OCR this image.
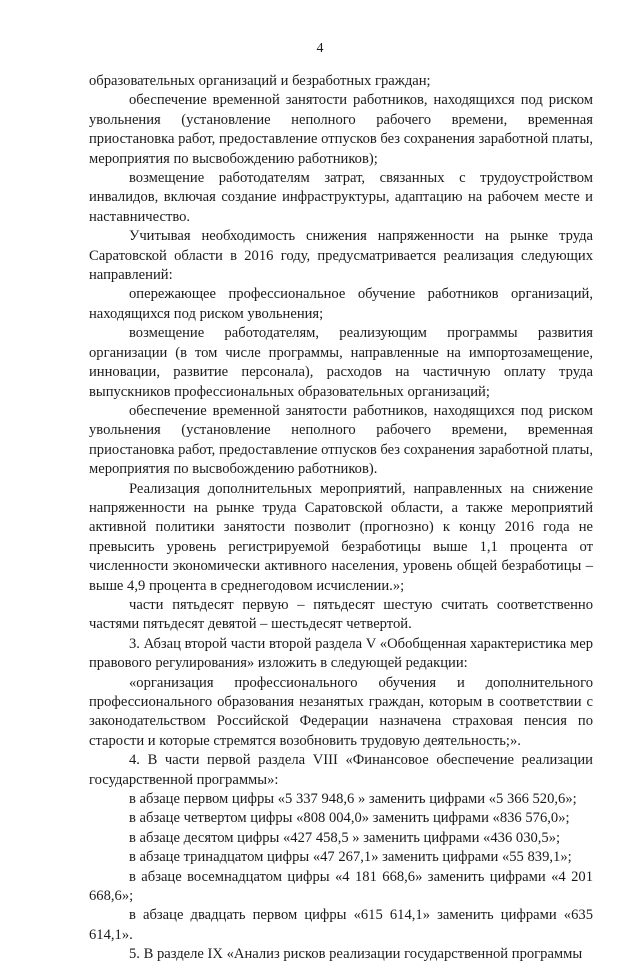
4

образовательных организаций и безработных граждан;

обеспечение временной занятости работников, находящихся под риском увольнения (установление неполного рабочего времени, временная приостановка работ, предоставление отпусков без сохранения заработной платы, мероприятия по высвобождению работников);

возмещение работодателям затрат, связанных с трудоустройством инвалидов, включая создание инфраструктуры, адаптацию на рабочем месте и наставничество.

Учитывая необходимость снижения напряженности на рынке труда Саратовской области в 2016 году, предусматривается реализация следующих направлений:

опережающее профессиональное обучение работников организаций, находящихся под риском увольнения;

возмещение работодателям, реализующим программы развития организации (в том числе программы, направленные на импортозамещение, инновации, развитие персонала), расходов на частичную оплату труда выпускников профессиональных образовательных организаций;

обеспечение временной занятости работников, находящихся под риском увольнения (установление неполного рабочего времени, временная приостановка работ, предоставление отпусков без сохранения заработной платы, мероприятия по высвобождению работников).

Реализация дополнительных мероприятий, направленных на снижение напряженности на рынке труда Саратовской области, а также мероприятий активной политики занятости позволит (прогнозно) к концу 2016 года не превысить уровень регистрируемой безработицы выше 1,1 процента от численности экономически активного населения, уровень общей безработицы – выше 4,9 процента в среднегодовом исчислении.»;

части пятьдесят первую – пятьдесят шестую считать соответственно частями пятьдесят девятой – шестьдесят четвертой.

3. Абзац второй части второй раздела V «Обобщенная характеристика мер правового регулирования» изложить в следующей редакции:

«организация профессионального обучения и дополнительного профессионального образования незанятых граждан, которым в соответствии с законодательством Российской Федерации назначена страховая пенсия по старости и которые стремятся возобновить трудовую деятельность;».

4. В части первой раздела VIII «Финансовое обеспечение реализации государственной программы»:

в абзаце первом цифры «5 337 948,6 » заменить цифрами «5 366 520,6»;

в абзаце четвертом цифры «808 004,0» заменить цифрами «836 576,0»;

в абзаце десятом цифры «427 458,5 » заменить цифрами «436 030,5»;

в абзаце тринадцатом цифры «47 267,1» заменить цифрами «55 839,1»;

в абзаце восемнадцатом цифры «4 181 668,6» заменить цифрами «4 201 668,6»;

в абзаце двадцать первом цифры «615 614,1» заменить цифрами «635 614,1».

5. В разделе IX «Анализ рисков реализации государственной программы
